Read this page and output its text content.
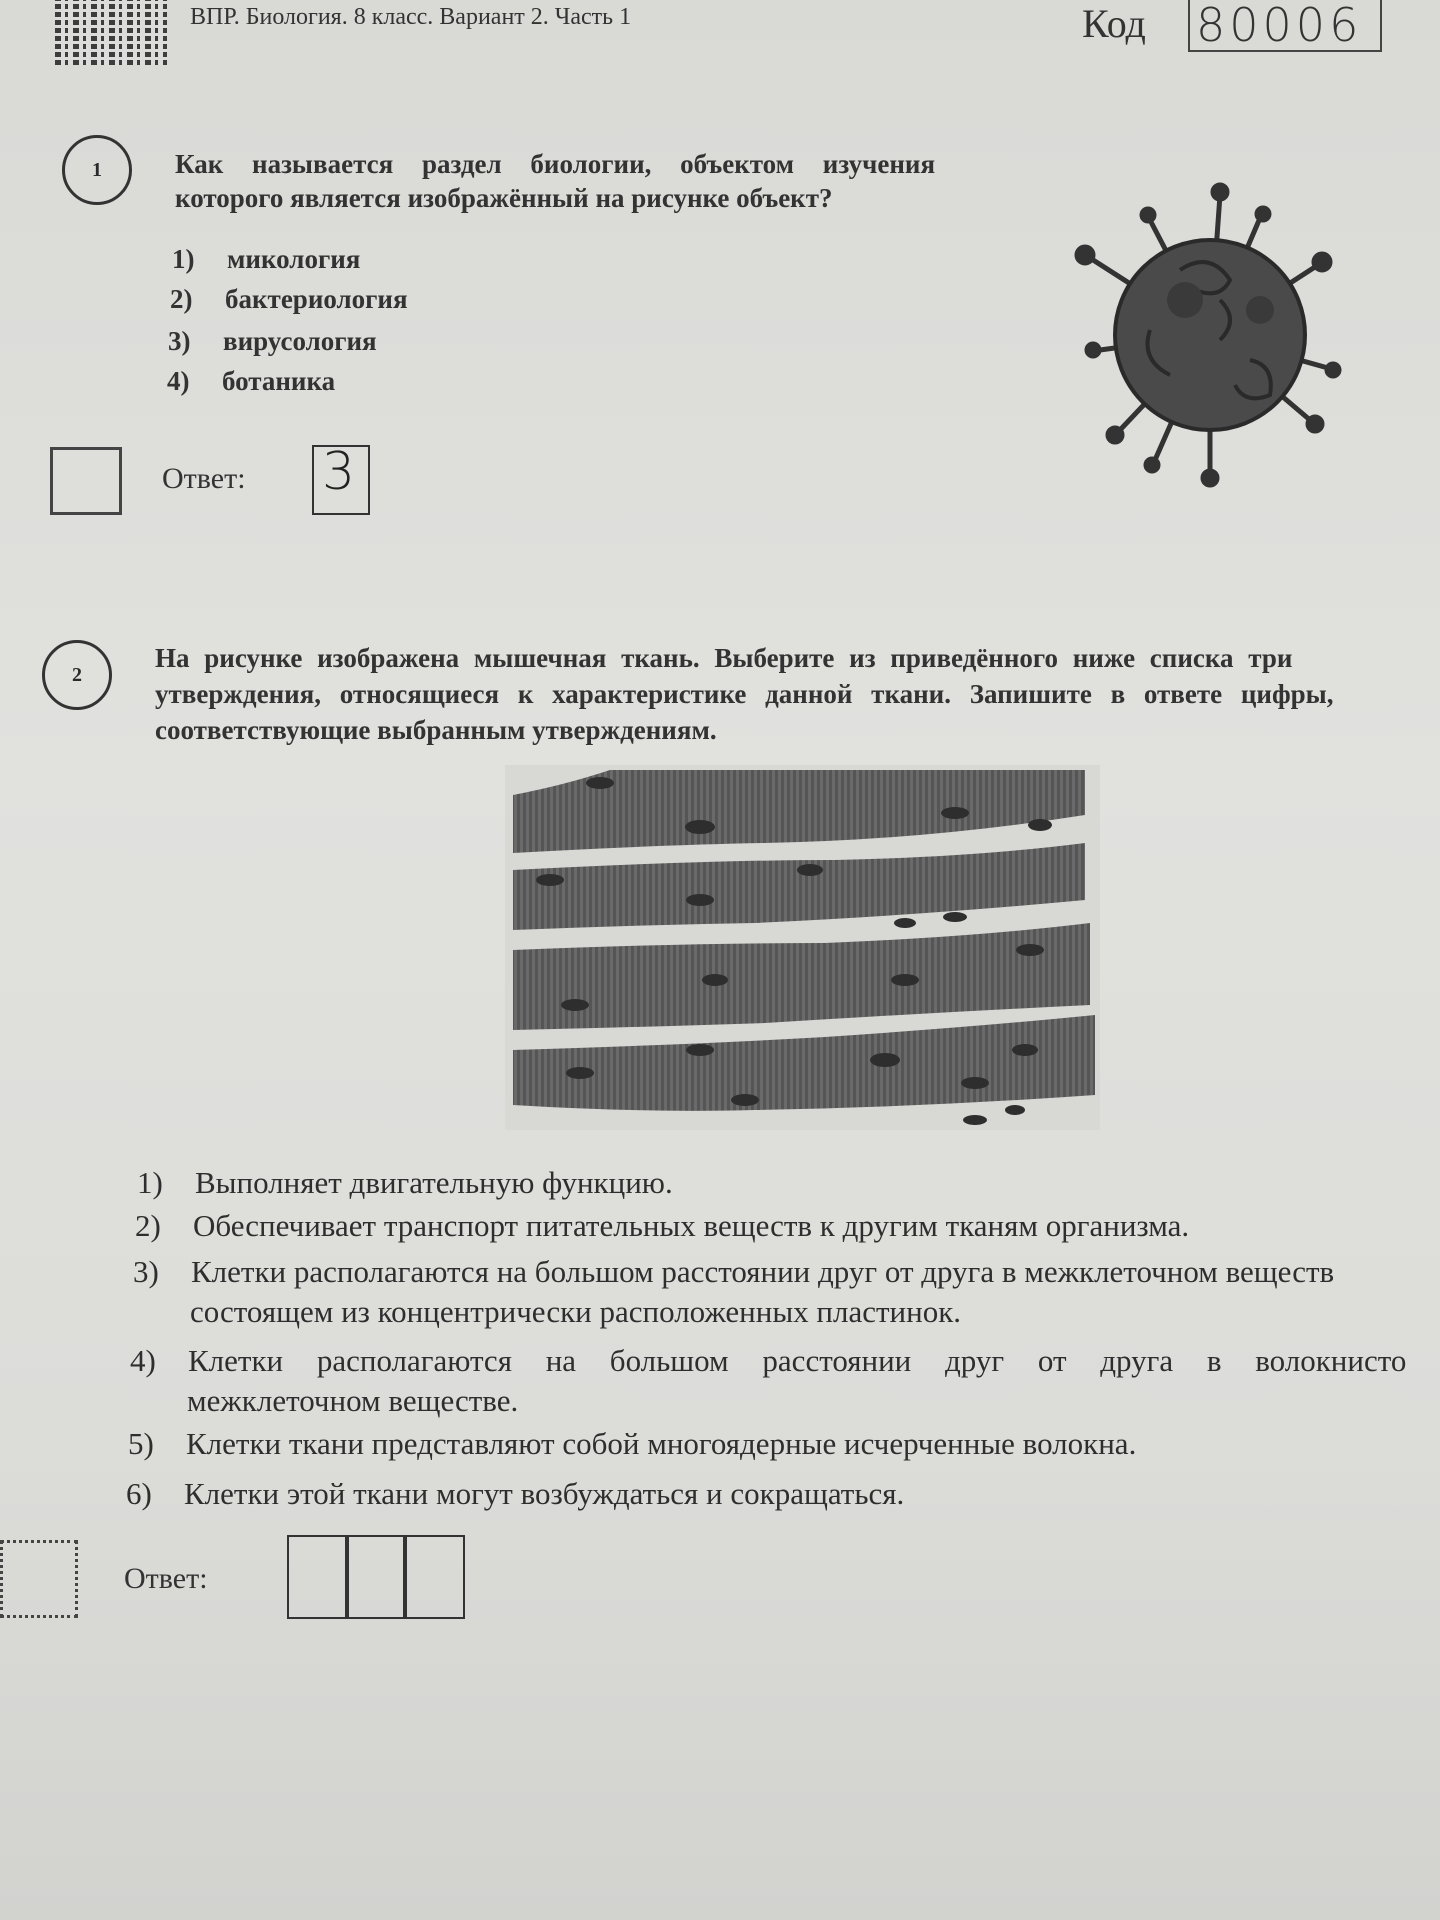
ВПР. Биология. 8 класс. Вариант 2. Часть 1	Код 80006
1	Как называется раздел биологии, объектом изучения
которого является изображённый на рисунке объект?
1) микология
2) бактериология
3) вирусология
4) ботаника
Ответ: 3
2
На рисунке изображена мышечная ткань. Выберите из приведённого ниже списка три
утверждения, относящиеся к характеристике данной ткани. Запишите в ответе цифры,
соответствующие выбранным утверждениям.
1) Выполняет двигательную функцию.
2) Обеспечивает транспорт питательных веществ к другим тканям организма.
3) Клетки располагаются на большом расстоянии друг от друга в межклеточном веществ
состоящем из концентрически расположенных пластинок.
4) Клетки располагаются на большом расстоянии друг от друга в волокнисто
межклеточном веществе.
5) Клетки ткани представляют собой многоядерные исчерченные волокна.
6) Клетки этой ткани могут возбуждаться и сокращаться.
Ответ:
